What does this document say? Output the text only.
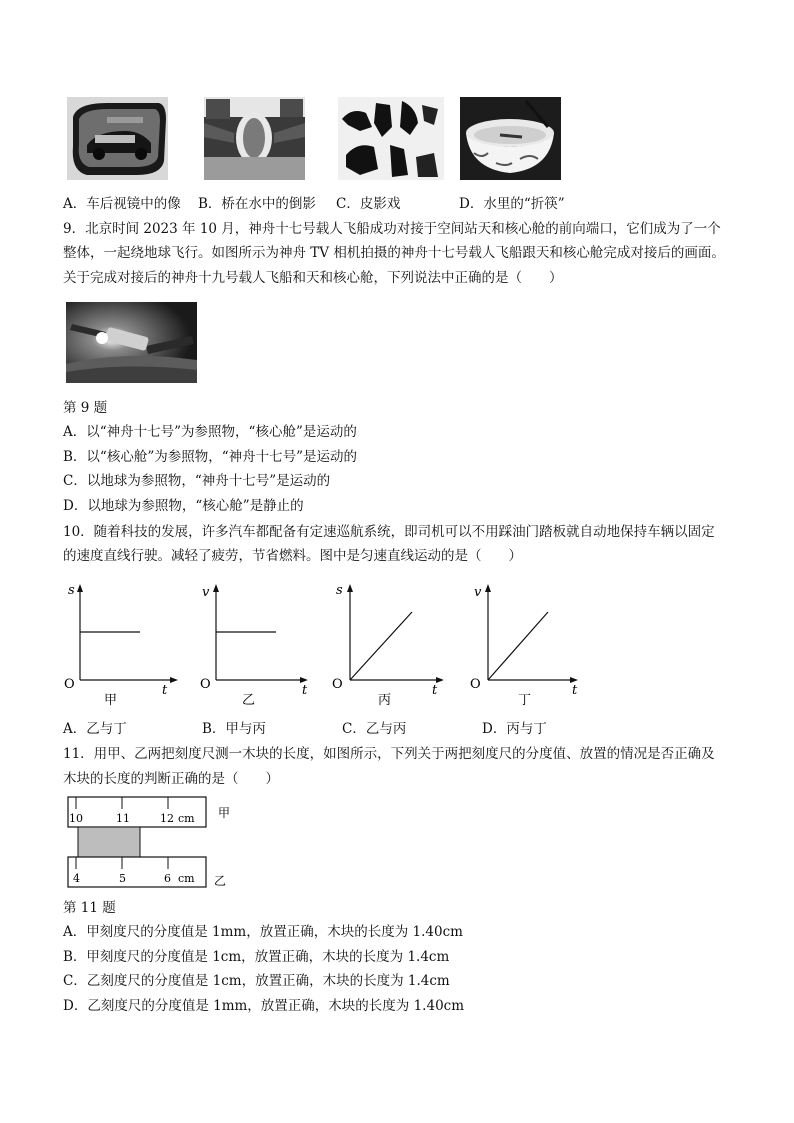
A．车后视镜中的像 B．桥在水中的倒影 C．皮影戏	D．水里的“折筷”
9．北京时间 2023 年 10 月，神舟十七号载人飞船成功对接于空间站天和核心舱的前向端口，它们成为了一个
整体，一起绕地球飞行。如图所示为神舟 TV 相机拍摄的神舟十七号载人飞船跟天和核心舱完成对接后的画面。
关于完成对接后的神舟十九号载人飞船和天和核心舱，下列说法中正确的是（　　）
第 9 题
A．以“神舟十七号”为参照物，“核心舱”是运动的
B．以“核心舱”为参照物，“神舟十七号”是运动的
C．以地球为参照物，“神舟十七号”是运动的
D．以地球为参照物，“核心舱”是静止的
10．随着科技的发展，许多汽车都配备有定速巡航系统，即司机可以不用踩油门踏板就自动地保持车辆以固定
的速度直线行驶。减轻了疲劳，节省燃料。图中是匀速直线运动的是（　　）
s
O	t
甲
v
O	t
乙
s
O	t
丙
v
O	t
丁
A．乙与丁	B．甲与丙	C．乙与丙	D．丙与丁
11．用甲、乙两把刻度尺测一木块的长度，如图所示，下列关于两把刻度尺的分度值、放置的情况是否正确及
木块的长度的判断正确的是（　　）
10	11	12 cm 甲
4	5	6 cm 乙
第 11 题
A．甲刻度尺的分度值是 1mm，放置正确，木块的长度为 1.40cm
B．甲刻度尺的分度值是 1cm，放置正确，木块的长度为 1.4cm
C．乙刻度尺的分度值是 1cm，放置正确，木块的长度为 1.4cm
D．乙刻度尺的分度值是 1mm，放置正确，木块的长度为 1.40cm
